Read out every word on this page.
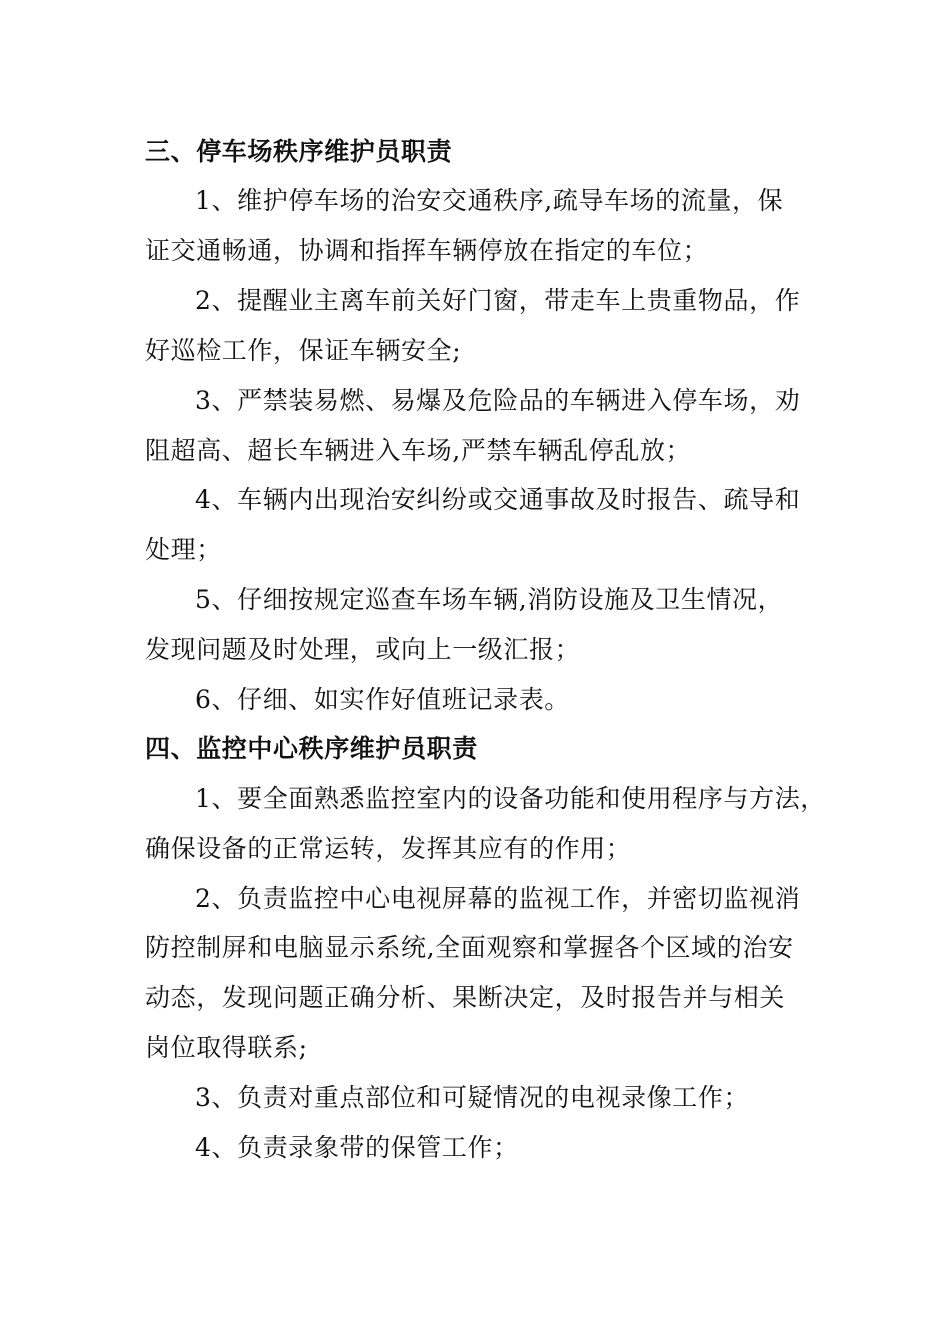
三、停车场秩序维护员职责
1、维护停车场的治安交通秩序,疏导车场的流量，保
证交通畅通，协调和指挥车辆停放在指定的车位；
2、提醒业主离车前关好门窗，带走车上贵重物品，作
好巡检工作，保证车辆安全;
3、严禁装易燃、易爆及危险品的车辆进入停车场，劝
阻超高、超长车辆进入车场,严禁车辆乱停乱放；
4、车辆内出现治安纠纷或交通事故及时报告、疏导和
处理；
5、仔细按规定巡查车场车辆,消防设施及卫生情况，
发现问题及时处理，或向上一级汇报；
6、仔细、如实作好值班记录表。
四、监控中心秩序维护员职责
1、要全面熟悉监控室内的设备功能和使用程序与方法，
确保设备的正常运转，发挥其应有的作用；
2、负责监控中心电视屏幕的监视工作，并密切监视消
防控制屏和电脑显示系统,全面观察和掌握各个区域的治安
动态，发现问题正确分析、果断决定，及时报告并与相关
岗位取得联系;
3、负责对重点部位和可疑情况的电视录像工作；
4、负责录象带的保管工作；
